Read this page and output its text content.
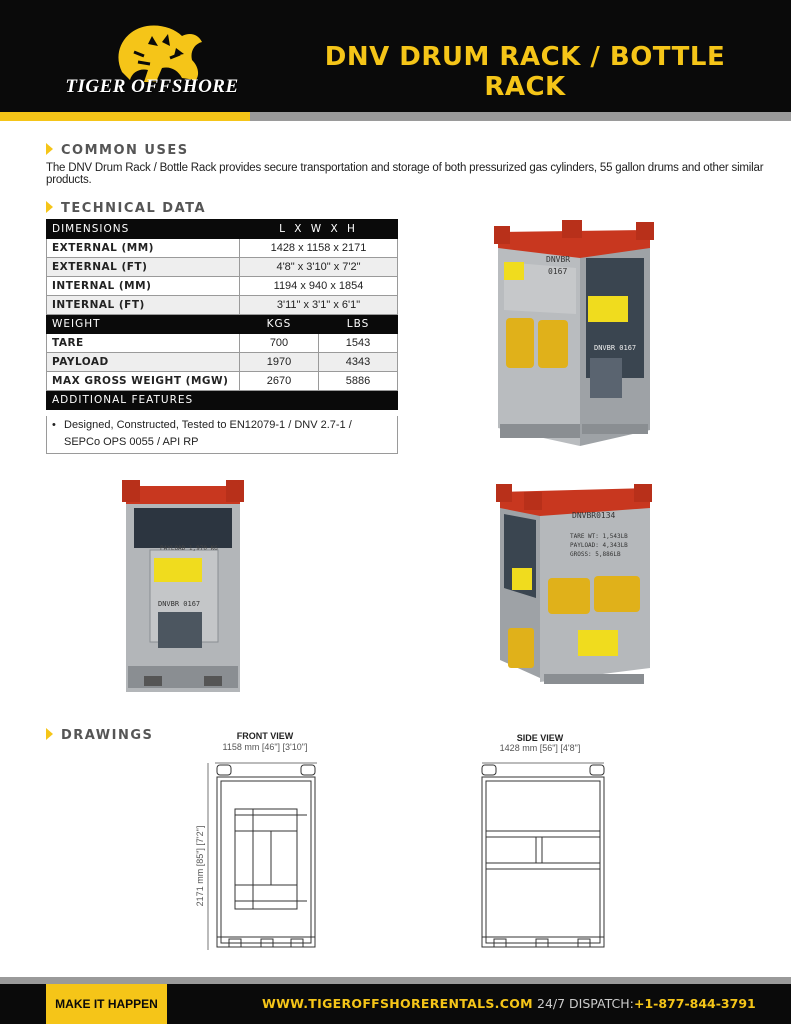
TIGER OFFSHORE
DNV DRUM RACK / BOTTLE RACK
COMMON USES
The DNV Drum Rack / Bottle Rack provides secure transportation and storage of both pressurized gas cylinders, 55 gallon drums and other similar products.
TECHNICAL DATA
DIMENSIONS	L X W X H	
EXTERNAL (MM)	1428 x 1158 x 2171	
EXTERNAL (FT)	4'8" x 3'10" x 7'2"	
INTERNAL (MM)	1194 x 940 x 1854	
INTERNAL (FT)	3'11" x 3'1" x 6'1"	
WEIGHT	KGS	LBS
TARE	700	1543
PAYLOAD	1970	4343
MAX GROSS WEIGHT (MGW)	2670	5886
ADDITIONAL FEATURES		
• Designed, Constructed, Tested to EN12079-1 / DNV 2.7-1 /
SEPCo OPS 0055 / API RP
DNVBR
0167
DNVBR 0167
PAYLOAD 1,970 KG
DNVBR 0167
DNVBR0134
TARE WT: 1,543LB
PAYLOAD: 4,343LB
GROSS: 5,886LB
DRAWINGS	FRONT VIEW
1158 mm [46"] [3'10"]
2171 mm [85"] [7'2"]
SIDE VIEW
1428 mm [56"] [4'8"]
MAKE IT HAPPEN	WWW.TIGEROFFSHORERENTALS.COM 24/7 DISPATCH: +1-877-844-3791
